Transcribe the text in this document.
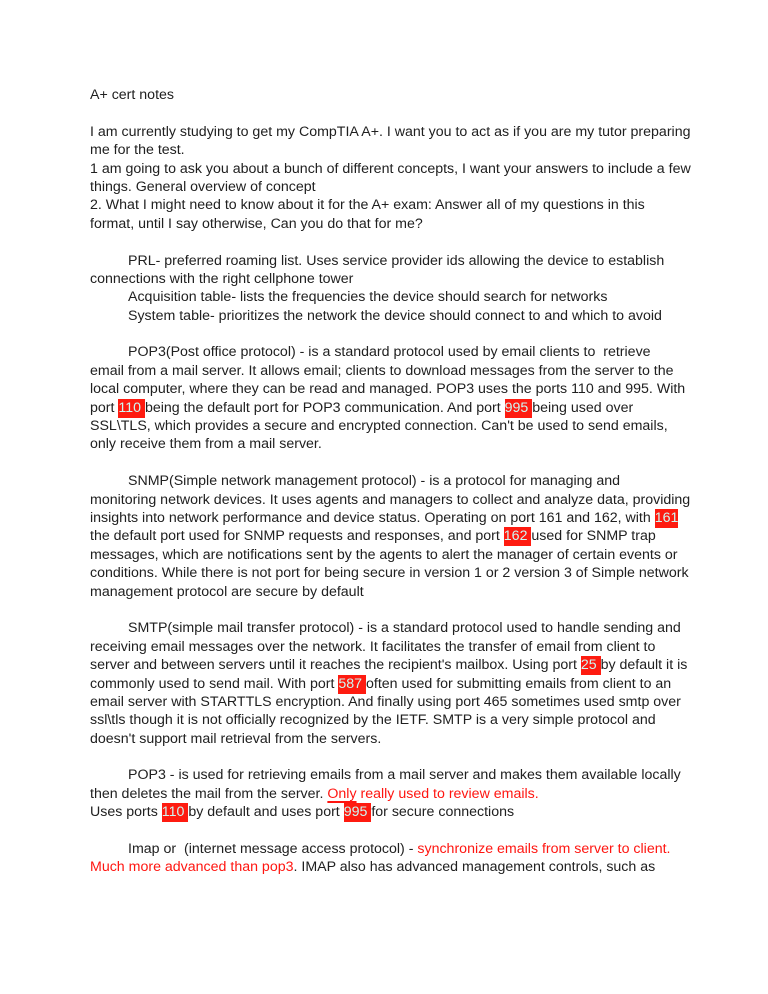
A+ cert notes
I am currently studying to get my CompTIA A+. I want you to act as if you are my tutor preparing
me for the test.
1 am going to ask you about a bunch of different concepts, I want your answers to include a few
things. General overview of concept
2. What I might need to know about it for the A+ exam: Answer all of my questions in this
format, until I say otherwise, Can you do that for me?
PRL- preferred roaming list. Uses service provider ids allowing the device to establish
connections with the right cellphone tower
Acquisition table- lists the frequencies the device should search for networks
System table- prioritizes the network the device should connect to and which to avoid
POP3(Post office protocol) - is a standard protocol used by email clients to  retrieve
email from a mail server. It allows email; clients to download messages from the server to the
local computer, where they can be read and managed. POP3 uses the ports 110 and 995. With
port 110 being the default port for POP3 communication. And port 995 being used over
SSL\TLS, which provides a secure and encrypted connection. Can't be used to send emails,
only receive them from a mail server.
SNMP(Simple network management protocol) - is a protocol for managing and
monitoring network devices. It uses agents and managers to collect and analyze data, providing
insights into network performance and device status. Operating on port 161 and 162, with 161
the default port used for SNMP requests and responses, and port 162 used for SNMP trap
messages, which are notifications sent by the agents to alert the manager of certain events or
conditions. While there is not port for being secure in version 1 or 2 version 3 of Simple network
management protocol are secure by default
SMTP(simple mail transfer protocol) - is a standard protocol used to handle sending and
receiving email messages over the network. It facilitates the transfer of email from client to
server and between servers until it reaches the recipient's mailbox. Using port 25 by default it is
commonly used to send mail. With port 587 often used for submitting emails from client to an
email server with STARTTLS encryption. And finally using port 465 sometimes used smtp over
ssl\tls though it is not officially recognized by the IETF. SMTP is a very simple protocol and
doesn't support mail retrieval from the servers.
POP3 - is used for retrieving emails from a mail server and makes them available locally
then deletes the mail from the server. Only really used to review emails.
Uses ports 110 by default and uses port 995 for secure connections
Imap or  (internet message access protocol) - synchronize emails from server to client.
Much more advanced than pop3. IMAP also has advanced management controls, such as
